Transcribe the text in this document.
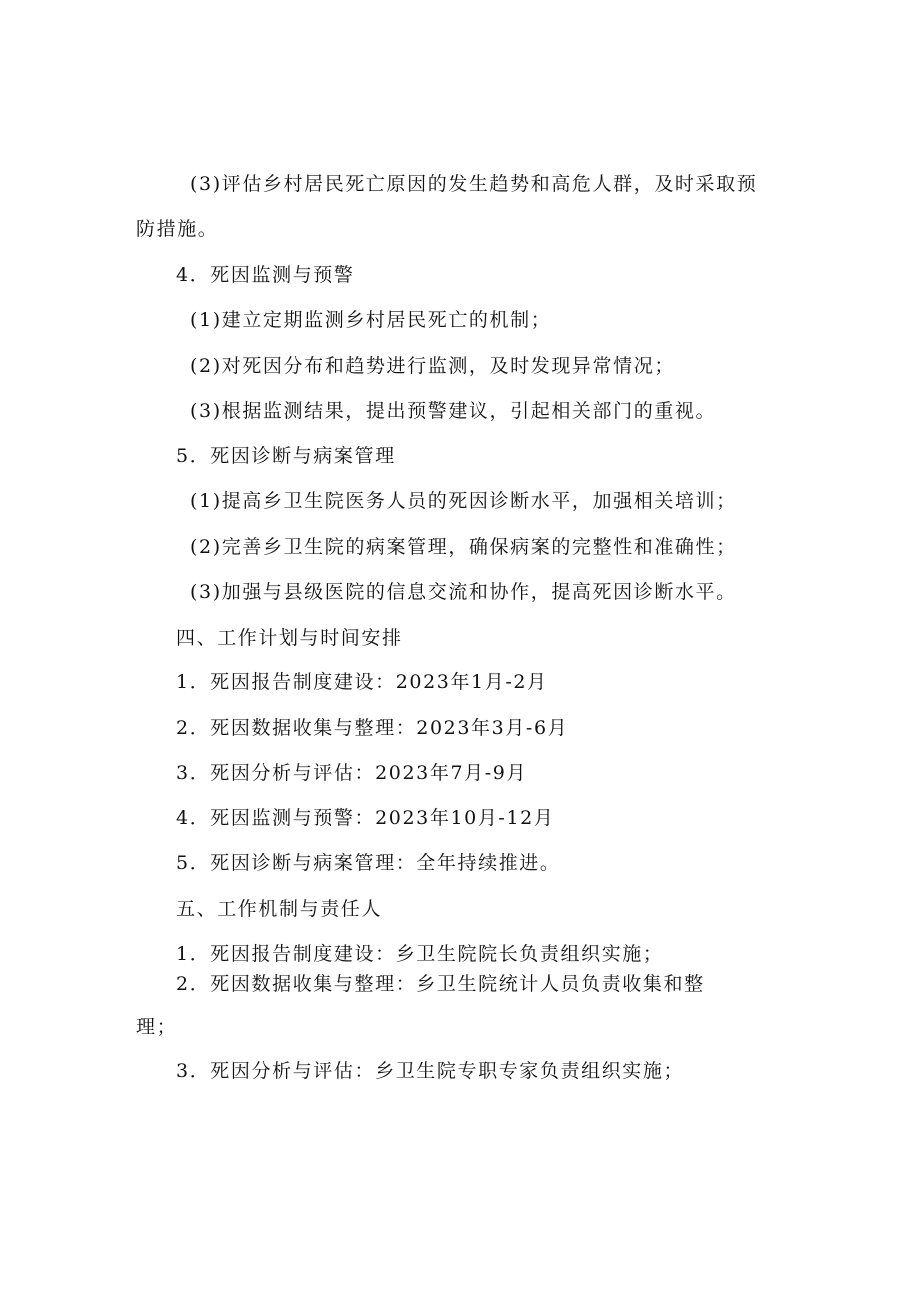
(3)评估乡村居民死亡原因的发生趋势和高危人群，及时采取预
防措施。
4．死因监测与预警
(1)建立定期监测乡村居民死亡的机制；
(2)对死因分布和趋势进行监测，及时发现异常情况；
(3)根据监测结果，提出预警建议，引起相关部门的重视。
5．死因诊断与病案管理
(1)提高乡卫生院医务人员的死因诊断水平，加强相关培训；
(2)完善乡卫生院的病案管理，确保病案的完整性和准确性；
(3)加强与县级医院的信息交流和协作，提高死因诊断水平。
四、工作计划与时间安排
1．死因报告制度建设：2023年1月-2月
2．死因数据收集与整理：2023年3月-6月
3．死因分析与评估：2023年7月-9月
4．死因监测与预警：2023年10月-12月
5．死因诊断与病案管理：全年持续推进。
五、工作机制与责任人
1．死因报告制度建设：乡卫生院院长负责组织实施；
2．死因数据收集与整理：乡卫生院统计人员负责收集和整
理；
3．死因分析与评估：乡卫生院专职专家负责组织实施；
